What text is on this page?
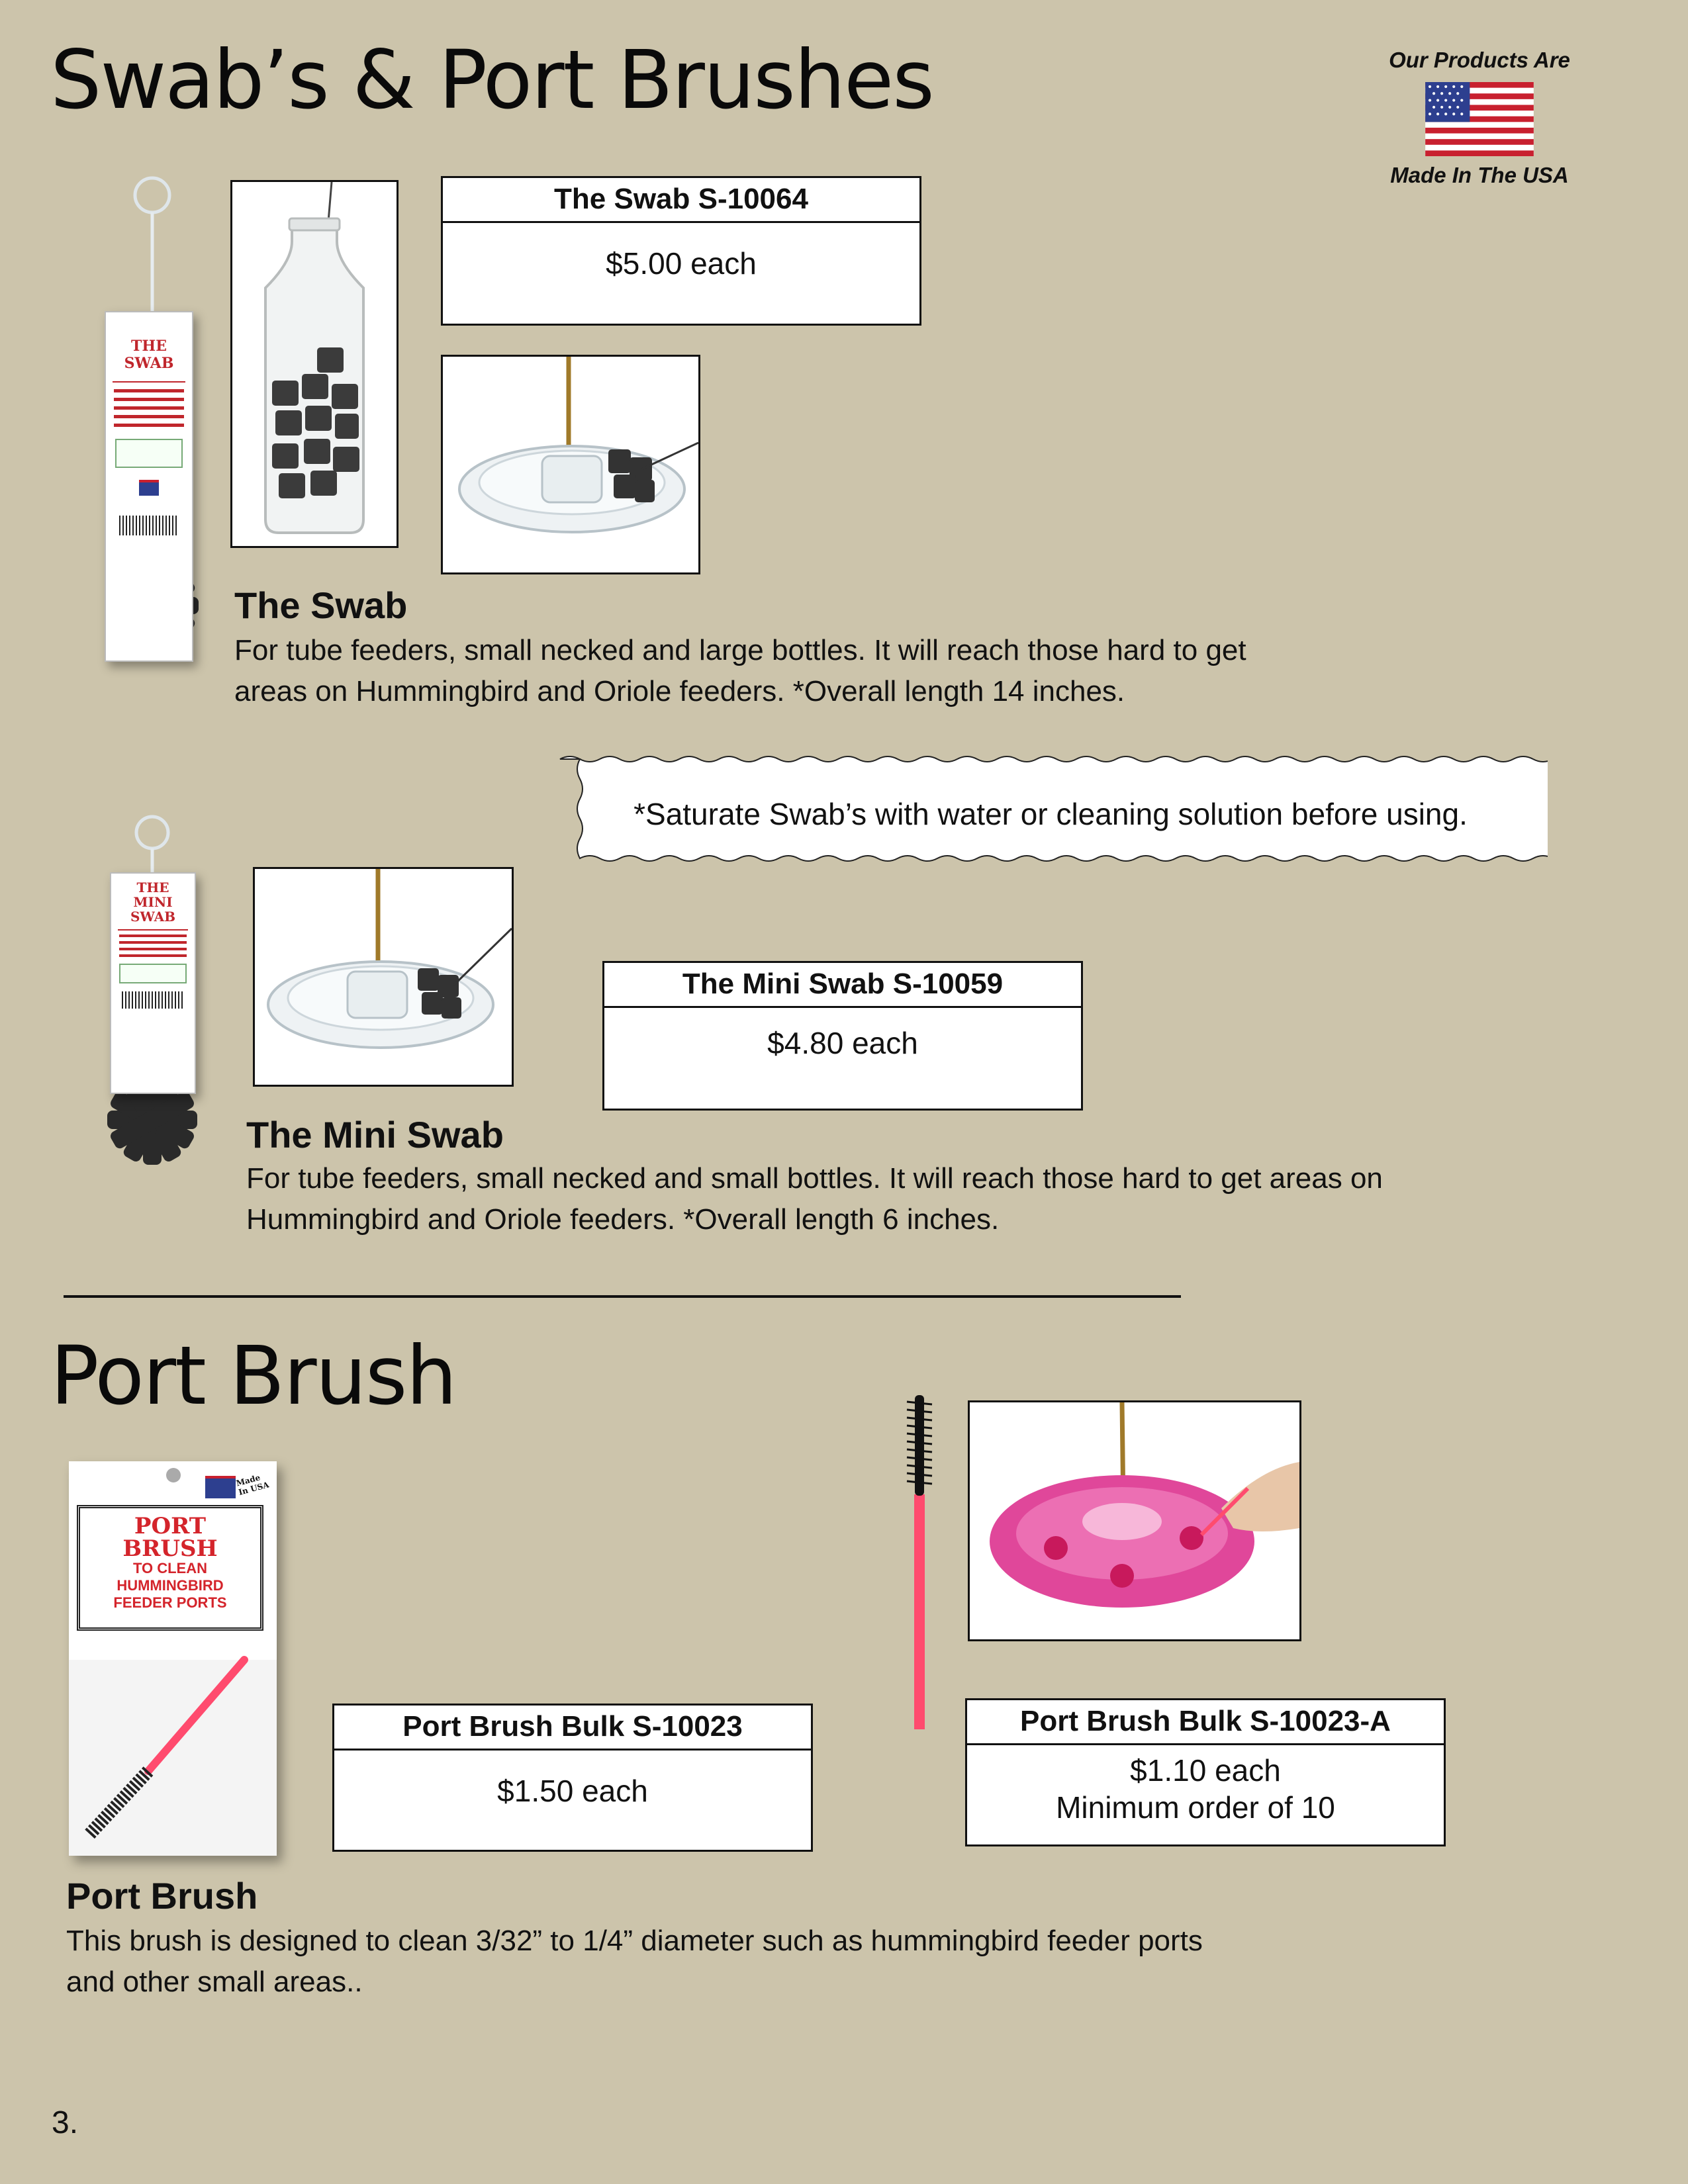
Swab’s & Port Brushes	Our Products Are
Made In The USA
THE
SWAB
The Swab S-10064
$5.00 each
The Swab
For tube feeders, small necked and large bottles. It will reach those hard to get
areas on Hummingbird and Oriole feeders. *Overall length 14 inches.
*Saturate Swab’s with water or cleaning solution before using.
THE
MINI
SWAB
The Mini Swab S-10059
$4.80 each
The Mini Swab
For tube feeders, small necked and small bottles. It will reach those hard to get areas on
Hummingbird and Oriole feeders. *Overall length 6 inches.
Port Brush
Made In USA
PORT
BRUSH
TO CLEAN
HUMMINGBIRD
FEEDER PORTS
Port Brush Bulk S-10023
$1.50 each
Port Brush Bulk S-10023-A
$1.10 each
Minimum order of 10
Port Brush
This brush is designed to clean 3/32” to 1/4” diameter such as hummingbird feeder ports
and other small areas..
3.
